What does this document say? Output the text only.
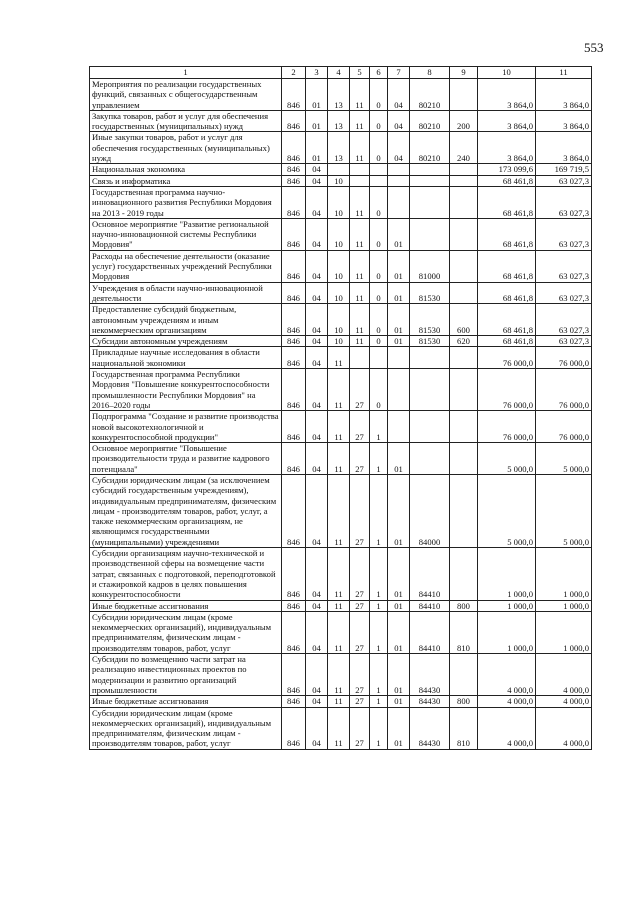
553
1	2	3	4	5	6	7	8	9	10	11
Мероприятия по реализации государственных функций, связанных с общегосударственным управлением	846	01	13	11	0	04	80210		3 864,0	3 864,0
Закупка товаров, работ и услуг для обеспечения государственных (муниципальных) нужд	846	01	13	11	0	04	80210	200	3 864,0	3 864,0
Иные закупки товаров, работ и услуг для обеспечения государственных (муниципальных) нужд	846	01	13	11	0	04	80210	240	3 864,0	3 864,0
Национальная экономика	846	04							173 099,6	169 719,5
Связь и информатика	846	04	10						68 461,8	63 027,3
Государственная программа научно-инновационного развития Республики Мордовия на 2013 - 2019 годы	846	04	10	11	0				68 461,8	63 027,3
Основное мероприятие "Развитие региональной научно-инновационной системы Республики Мордовия"	846	04	10	11	0	01			68 461,8	63 027,3
Расходы на обеспечение деятельности (оказание услуг) государственных учреждений Республики Мордовия	846	04	10	11	0	01	81000		68 461,8	63 027,3
Учреждения в области научно-инновационной деятельности	846	04	10	11	0	01	81530		68 461,8	63 027,3
Предоставление субсидий бюджетным, автономным учреждениям и иным некоммерческим организациям	846	04	10	11	0	01	81530	600	68 461,8	63 027,3
Субсидии автономным учреждениям	846	04	10	11	0	01	81530	620	68 461,8	63 027,3
Прикладные научные исследования в области национальной экономики	846	04	11						76 000,0	76 000,0
Государственная программа Республики Мордовия "Повышение конкурентоспособности промышленности Республики Мордовия" на 2016–2020 годы	846	04	11	27	0				76 000,0	76 000,0
Подпрограмма "Создание и развитие производства новой высокотехнологичной и конкурентоспособной продукции"	846	04	11	27	1				76 000,0	76 000,0
Основное мероприятие "Повышение производительности труда и развитие кадрового потенциала"	846	04	11	27	1	01			5 000,0	5 000,0
Субсидии юридическим лицам (за исключением субсидий государственным учреждениям), индивидуальным предпринимателям, физическим лицам - производителям товаров, работ, услуг, а также некоммерческим организациям, не являющимся государственными (муниципальными) учреждениями	846	04	11	27	1	01	84000		5 000,0	5 000,0
Субсидии организациям научно-технической и производственной сферы на возмещение части затрат, связанных с подготовкой, переподготовкой и стажировкой кадров в целях повышения конкурентоспособности	846	04	11	27	1	01	84410		1 000,0	1 000,0
Иные бюджетные ассигнования	846	04	11	27	1	01	84410	800	1 000,0	1 000,0
Субсидии юридическим лицам (кроме некоммерческих организаций), индивидуальным предпринимателям, физическим лицам - производителям товаров, работ, услуг	846	04	11	27	1	01	84410	810	1 000,0	1 000,0
Субсидии по возмещению части затрат на реализацию инвестиционных проектов по модернизации и развитию организаций промышленности	846	04	11	27	1	01	84430		4 000,0	4 000,0
Иные бюджетные ассигнования	846	04	11	27	1	01	84430	800	4 000,0	4 000,0
Субсидии юридическим лицам (кроме некоммерческих организаций), индивидуальным предпринимателям, физическим лицам - производителям товаров, работ, услуг	846	04	11	27	1	01	84430	810	4 000,0	4 000,0
